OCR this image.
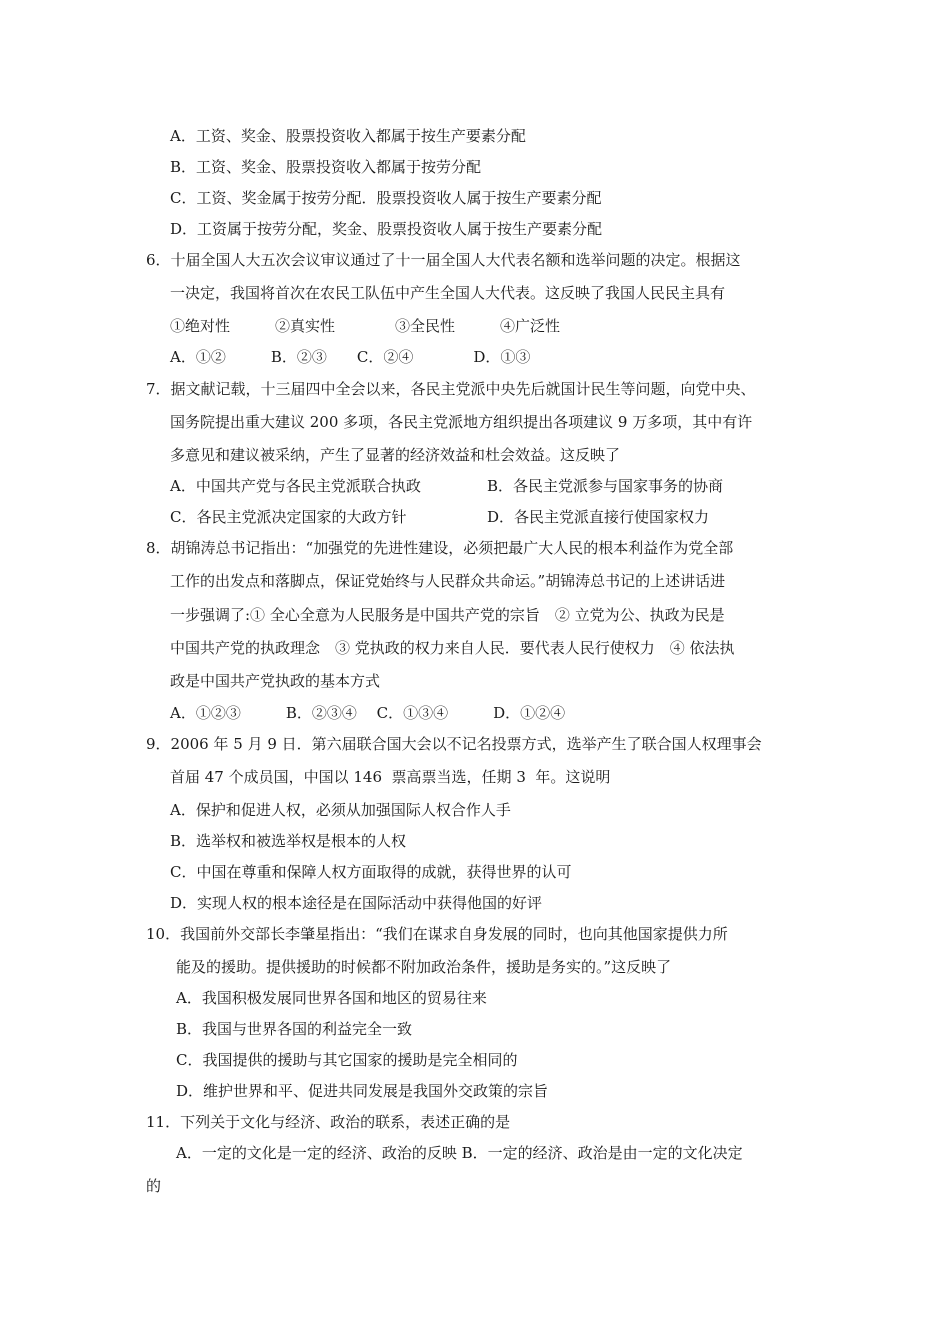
A．工资、奖金、股票投资收入都属于按生产要素分配
B．工资、奖金、股票投资收入都属于按劳分配
C．工资、奖金属于按劳分配．股票投资收人属于按生产要素分配
D．工资属于按劳分配，奖金、股票投资收人属于按生产要素分配
6．十届全国人大五次会议审议通过了十一届全国人大代表名额和选举问题的决定。根据这
一决定，我国将首次在农民工队伍中产生全国人大代表。这反映了我国人民民主具有
①绝对性　　　②真实性　　　　③全民性　　　④广泛性
A．①②　　　B．②③　　C．②④　　　　D．①③
7．据文献记载，十三届四中全会以来，各民主党派中央先后就国计民生等问题，向党中央、
国务院提出重大建议 200 多项，各民主党派地方组织提出各项建议 9 万多项，其中有许
多意见和建议被采纳，产生了显著的经济效益和杜会效益。这反映了
A．中国共产党与各民主党派联合执政	B．各民主党派参与国家事务的协商
C．各民主党派决定国家的大政方针	D．各民主党派直接行使国家权力
8．胡锦涛总书记指出：“加强党的先进性建设，必须把最广大人民的根本利益作为党全部
工作的出发点和落脚点，保证党始终与人民群众共命运。”胡锦涛总书记的上述讲话进
一步强调了:① 全心全意为人民服务是中国共产党的宗旨　② 立党为公、执政为民是
中国共产党的执政理念　③ 党执政的权力来自人民．要代表人民行使权力　④ 依法执
政是中国共产党执政的基本方式
A．①②③　　　B．②③④　 C．①③④　　　D．①②④
9．2006 年 5 月 9 日．第六届联合国大会以不记名投票方式，选举产生了联合国人权理事会
首届 47 个成员国，中国以 146  票高票当选，任期 3  年。这说明
A．保护和促进人权，必须从加强国际人权合作人手
B．选举权和被选举权是根本的人权
C．中国在尊重和保障人权方面取得的成就，获得世界的认可
D．实现人权的根本途径是在国际活动中获得他国的好评
10．我国前外交部长李肇星指出：“我们在谋求自身发展的同时，也向其他国家提供力所
能及的援助。提供援助的时候都不附加政治条件，援助是务实的。”这反映了
A．我国积极发展同世界各国和地区的贸易往来
B．我国与世界各国的利益完全一致
C．我国提供的援助与其它国家的援助是完全相同的
D．维护世界和平、促进共同发展是我国外交政策的宗旨
11．下列关于文化与经济、政治的联系，表述正确的是
A．一定的文化是一定的经济、政治的反映 B．一定的经济、政治是由一定的文化决定
的
